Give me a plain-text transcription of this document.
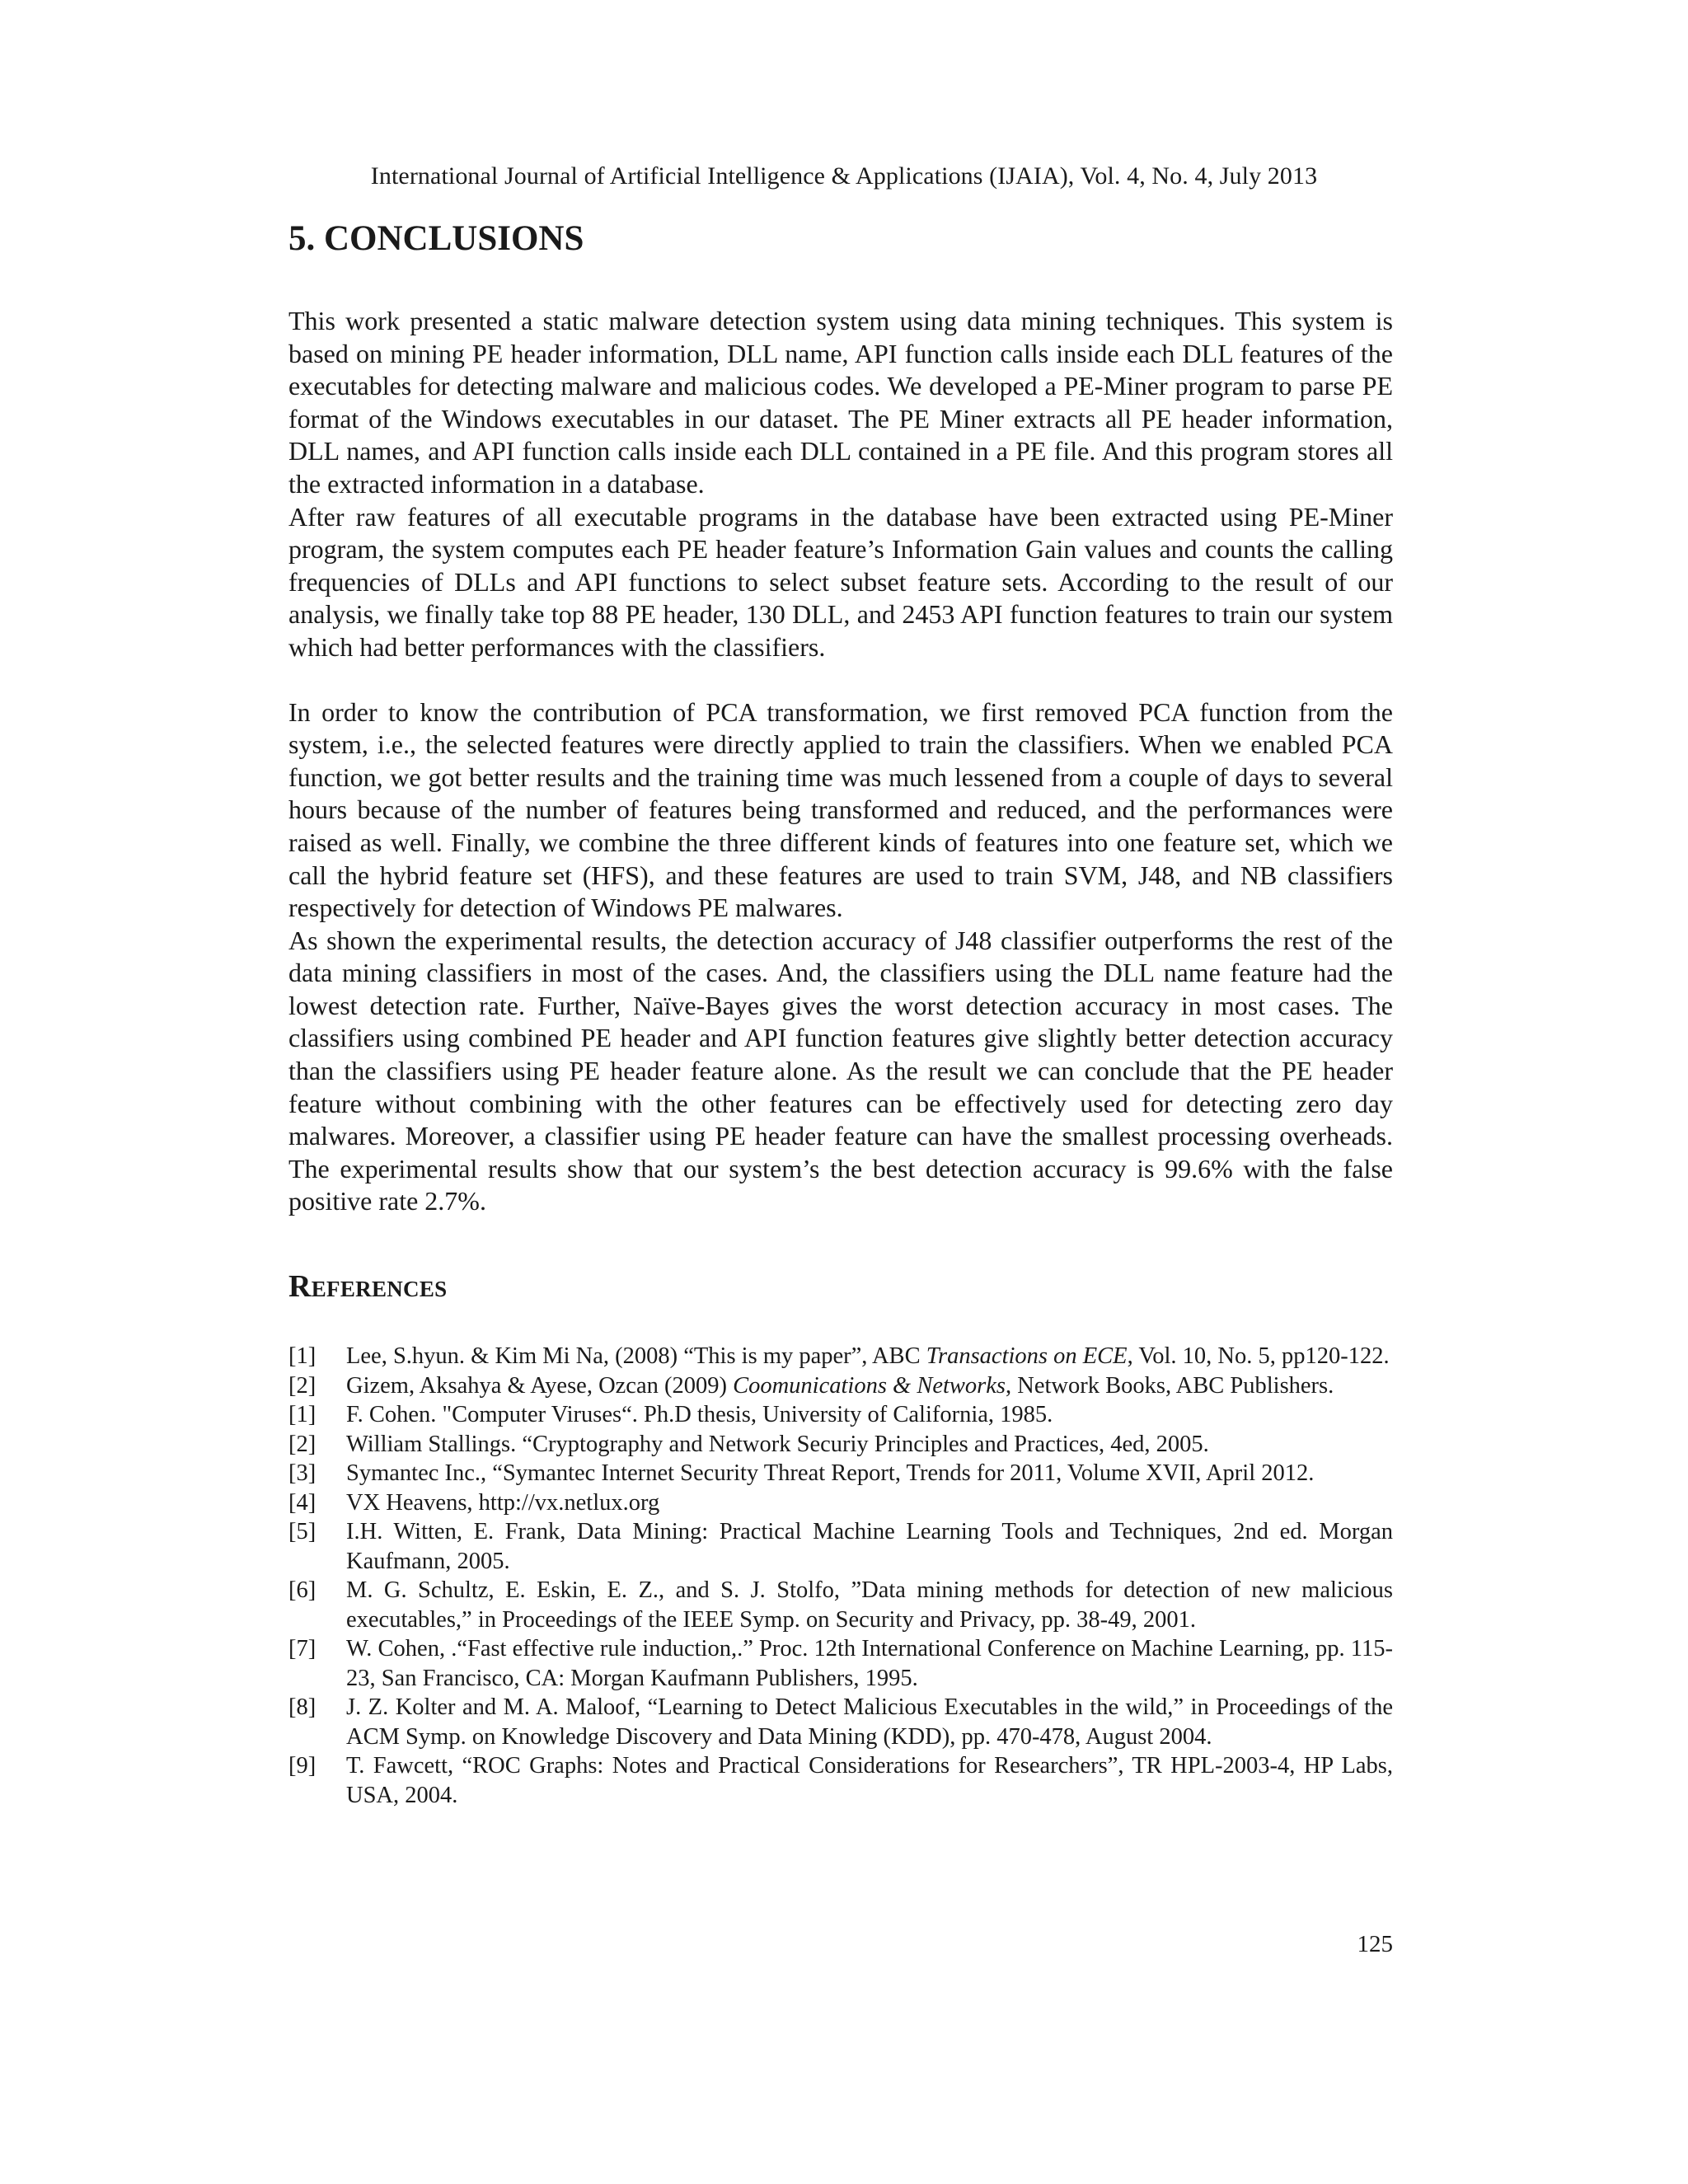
International Journal of Artificial Intelligence & Applications (IJAIA), Vol. 4, No. 4, July 2013
5. CONCLUSIONS

This work presented a static malware detection system using data mining techniques. This system is based on mining PE header information, DLL name, API function calls inside each DLL features of the executables for detecting malware and malicious codes. We developed a PE-Miner program to parse PE format of the Windows executables in our dataset. The PE Miner extracts all PE header information, DLL names, and API function calls inside each DLL contained in a PE file. And this program stores all the extracted information in a database.

After raw features of all executable programs in the database have been extracted using PE-Miner program, the system computes each PE header feature’s Information Gain values and counts the calling frequencies of DLLs and API functions to select subset feature sets. According to the result of our analysis, we finally take top 88 PE header, 130 DLL, and 2453 API function features to train our system which had better performances with the classifiers.

In order to know the contribution of PCA transformation, we first removed PCA function from the system, i.e., the selected features were directly applied to train the classifiers. When we enabled PCA function, we got better results and the training time was much lessened from a couple of days to several hours because of the number of features being transformed and reduced, and the performances were raised as well. Finally, we combine the three different kinds of features into one feature set, which we call the hybrid feature set (HFS), and these features are used to train SVM, J48, and NB classifiers respectively for detection of Windows PE malwares.

As shown the experimental results, the detection accuracy of J48 classifier outperforms the rest of the data mining classifiers in most of the cases. And, the classifiers using the DLL name feature had the lowest detection rate. Further, Naïve-Bayes gives the worst detection accuracy in most cases. The classifiers using combined PE header and API function features give slightly better detection accuracy than the classifiers using PE header feature alone. As the result we can conclude that the PE header feature without combining with the other features can be effectively used for detecting zero day malwares. Moreover, a classifier using PE header feature can have the smallest processing overheads. The experimental results show that our system’s the best detection accuracy is 99.6% with the false positive rate 2.7%.

References
[1]	Lee, S.hyun. & Kim Mi Na, (2008) “This is my paper”, ABC Transactions on ECE, Vol. 10, No. 5, pp120-122.
[2]	Gizem, Aksahya & Ayese, Ozcan (2009) Coomunications & Networks, Network Books, ABC Publishers.
[1]	F. Cohen. "Computer Viruses“. Ph.D thesis, University of California, 1985.
[2]	William Stallings. “Cryptography and Network Securiy Principles and Practices, 4ed, 2005.
[3]	Symantec Inc., “Symantec Internet Security Threat Report, Trends for 2011, Volume XVII, April 2012.
[4]	VX Heavens, http://vx.netlux.org
[5]	I.H. Witten, E. Frank, Data Mining: Practical Machine Learning Tools and Techniques, 2nd ed. Morgan Kaufmann, 2005.
[6]	M. G. Schultz, E. Eskin, E. Z., and S. J. Stolfo, ”Data mining methods for detection of new malicious executables,” in Proceedings of the IEEE Symp. on Security and Privacy, pp. 38-49, 2001.
[7]	W. Cohen, .“Fast effective rule induction,.” Proc. 12th International Conference on Machine Learning, pp. 115-23, San Francisco, CA: Morgan Kaufmann Publishers, 1995.
[8]	J. Z. Kolter and M. A. Maloof, “Learning to Detect Malicious Executables in the wild,” in Proceedings of the ACM Symp. on Knowledge Discovery and Data Mining (KDD), pp. 470-478, August 2004.
[9]	T. Fawcett, “ROC Graphs: Notes and Practical Considerations for Researchers”, TR HPL-2003-4, HP Labs, USA, 2004.
125
